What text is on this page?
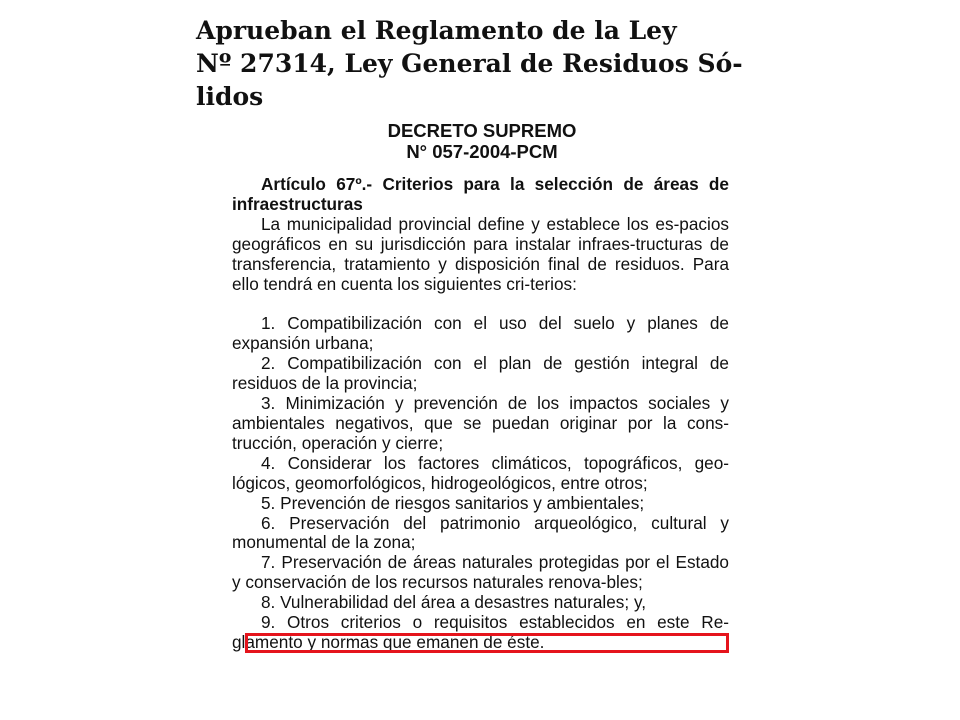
Aprueban el Reglamento de la Ley
Nº 27314, Ley General de Residuos Só-
lidos
DECRETO SUPREMO
N° 057-2004-PCM

Artículo 67º.- Criterios para la selección de áreas de infraestructuras

La municipalidad provincial define y establece los es-pacios geográficos en su jurisdicción para instalar infraes-tructuras de transferencia, tratamiento y disposición final de residuos. Para ello tendrá en cuenta los siguientes cri-terios:

1. Compatibilización con el uso del suelo y planes de expansión urbana;

2. Compatibilización con el plan de gestión integral de residuos de la provincia;

3. Minimización y prevención de los impactos sociales y ambientales negativos, que se puedan originar por la cons-trucción, operación y cierre;

4. Considerar los factores climáticos, topográficos, geo-lógicos, geomorfológicos, hidrogeológicos, entre otros;

5. Prevención de riesgos sanitarios y ambientales;

6. Preservación del patrimonio arqueológico, cultural y monumental de la zona;

7. Preservación de áreas naturales protegidas por el Estado y conservación de los recursos naturales renova-bles;

8. Vulnerabilidad del área a desastres naturales; y,

9. Otros criterios o requisitos establecidos en este Re-glamento y normas que emanen de éste.
